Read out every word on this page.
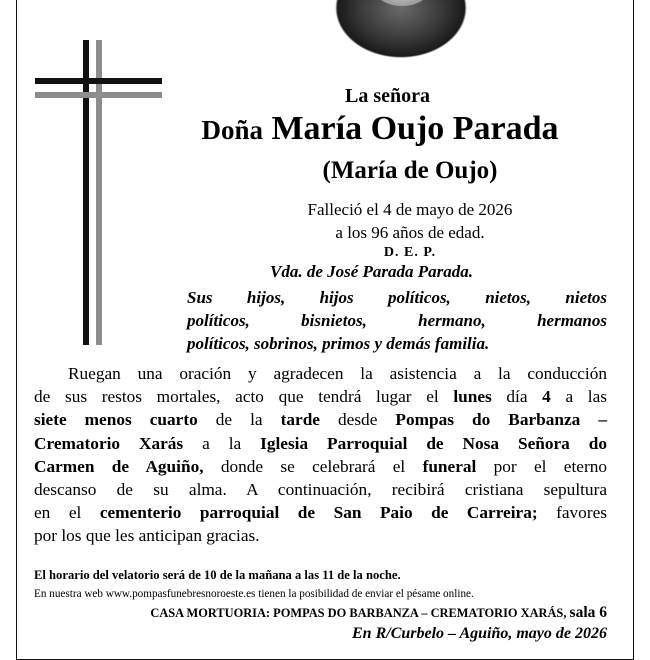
La señora
Doña María Oujo Parada
(María de Oujo)
Falleció el 4 de mayo de 2026
a los 96 años de edad.
D. E. P.
Vda. de José Parada Parada.
Sus hijos, hijos políticos, nietos, nietos
políticos, bisnietos, hermano, hermanos
políticos, sobrinos, primos y demás familia.
Ruegan una oración y agradecen la asistencia a la conducción
de sus restos mortales, acto que tendrá lugar el lunes día 4 a las
siete menos cuarto de la tarde desde Pompas do Barbanza –
Crematorio Xarás a la Iglesia Parroquial de Nosa Señora do
Carmen de Aguiño, donde se celebrará el funeral por el eterno
descanso de su alma. A continuación, recibirá cristiana sepultura
en el cementerio parroquial de San Paio de Carreira; favores
por los que les anticipan gracias.
El horario del velatorio será de 10 de la mañana a las 11 de la noche.
En nuestra web www.pompasfunebresnoroeste.es tienen la posibilidad de enviar el pésame online.
CASA MORTUORIA: POMPAS DO BARBANZA – CREMATORIO XARÁS, sala 6
En R/Curbelo – Aguiño, mayo de 2026
